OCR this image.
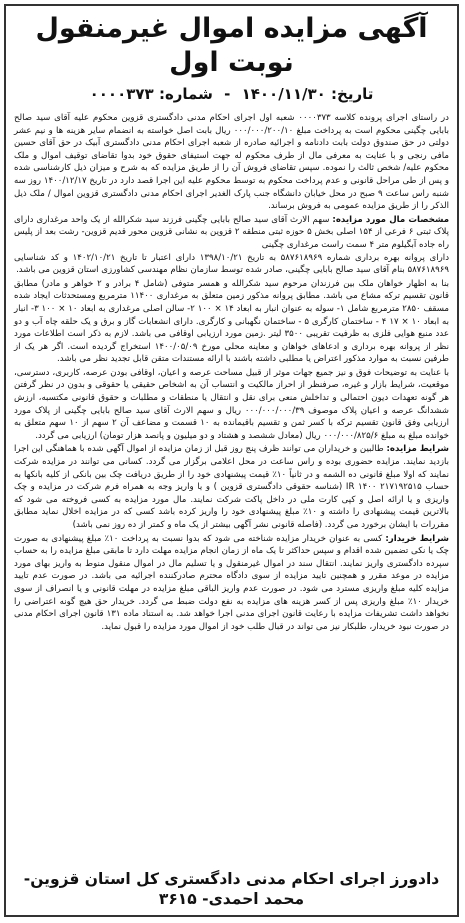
آگهی مزایده اموال غیرمنقول نوبت اول
تاریخ: ۱۴۰۰/۱۱/۳۰ - شماره: ۰۰۰۰۳۷۳

در راستای اجرای پرونده کلاسه ۰۰۰۰۳۷۳ شعبه اول اجرای احکام مدنی دادگستری قزوین محکوم علیه آقای سید صالح بابایی چگینی محکوم است به پرداخت مبلغ ۰۰۰/۰۰۰/۲۰۰/۱۰ ریال بابت اصل خواسته به انضمام سایر هزینه ها و نیم عشر دولتی در حق صندوق دولت بابت دادنامه و اجرائیه صادره از شعبه اجرای احکام مدنی دادگستری آبیک در حق آقای حسین مافی رنجی و با عنایت به معرفی مال از طرف محکوم له جهت استیفای حقوق خود بدوا تقاضای توقیف اموال و ملک محکوم علیه/ شخص ثالث را نموده. سپس تقاضای فروش آن را از طریق مزایده که به شرح و میزان ذیل کارشناسی شده و پس از طی مراحل قانونی و عدم پرداخت محکوم به توسط محکوم علیه این اجرا قصد دارد در تاریخ ۱۴۰۰/۱۲/۱۷ روز سه شنبه راس ساعت ۹ صبح در محل خیابان دانشگاه جنب پارک الغدیر اجرای احکام مدنی دادگستری قزوین اموال / ملک ذیل الذکر را از طریق مزایده عمومی به فروش برساند.

مشخصات مال مورد مزایده: سهم الارث آقای سید صالح بابایی چگینی فرزند سید شکرالله از یک واحد مرغداری دارای پلاک ثبتی ۶ فرعی از ۱۵۴ اصلی بخش ۵ حوزه ثبتی منطقه ۲ قزوین به نشانی قزوین محور قدیم قزوین- رشت بعد از پلیس راه جاده آبگیلوم متر ۴ سمت راست مرغداری چگینی

دارای پروانه بهره برداری شماره ۵۸۷۶۱۸۹۶۹ به تاریخ ۱۳۹۸/۱۰/۲۱ دارای اعتبار تا تاریخ ۱۴۰۲/۱۰/۲۱ و کد شناسایی ۵۸۷۶۱۸۹۶۹ بنام آقای سید صالح بابایی چگینی، صادر شده توسط سازمان نظام مهندسی کشاورزی استان قزوین می باشد.

بنا به اظهار خواهان ملک بین فرزندان مرحوم سید شکرالله و همسر متوفی (شامل ۴ برادر و ۲ خواهر و مادر) مطابق قانون تقسیم ترکه مشاع می باشد. مطابق پروانه مذکور زمین متعلق به مرغداری ۱۱۴۰۰ مترمربع ومستحدثات ایجاد شده مسقف ۲۸۵۰ مترمربع شامل ۱- سوله به عنوان انبار به ابعاد ۱۴ × ۱۰۰ ۲- سالن اصلی مرغداری به ابعاد ۱۰ × ۱۰۰ ۳- انبار به ابعاد ۱۰ × ۱۷ ۴ - ساختمان کارگری ۵ - ساختمان نگهبانی و کارگری. دارای انشعابات گاز و برق و یک حلقه چاه آب و دو عدد منبع هوایی فلزی به ظرفیت تقریبی ۳۵۰۰ لیتر .زمین مورد ارزیابی اوقافی می باشد. لازم به ذکر است اطلاعات مورد نظر از پروانه بهره برداری و ادعاهای خواهان و معاینه محلی مورخ ۱۴۰۰/۰۵/۰۹ استخراج گردیده است. اگر هر یک از طرفین نسبت به موارد مذکور اعتراض یا مطلبی داشته باشند با ارائه مستندات متقن قابل تجدید نظر می باشد.

با عنایت به توضیحات فوق و نیز جمیع جهات موثر از قبیل مساحت عرصه و اعیان، اوقافی بودن عرصه، کاربری، دسترسی، موقعیت، شرایط بازار و غیره، صرفنظر از احراز مالکیت و انتساب آن به اشخاص حقیقی یا حقوقی و بدون در نظر گرفتن هر گونه تعهدات دیون احتمالی و تداخلش منعی برای نقل و انتقال یا منطقات و مطلبات و حقوق قانونی مکتسبه، ارزش ششدانگ عرصه و اعیان پلاک موصوف ۰۰۰/۰۰۰/۰۰۰/۳۹ ریال و سهم الارث آقای سید صالح بابایی چگینی از پلاک مورد ارزیابی وفق قانون تقسیم ترکه با کسر ثمن و تقسیم باقیمانده به ۱۰ قسمت و مضاعف آن ۲ سهم از ۱۰ سهم متعلق به خوانده مبلغ به مبلغ ۰۰۰/۰۰۰/۸۲۵/۶ ریال (معادل ششصد و هشتاد و دو میلیون و پانصد هزار تومان) ارزیابی می گردد.

شرایط مزایده: طالبین و خریداران می توانند ظرف پنج روز قبل از زمان مزایده از اموال آگهی شده با هماهنگی این اجرا بازدید نمایند. مزایده حضوری بوده و راس ساعت در محل اعلامی برگزار می گردد. کسانی می توانند در مزایده شرکت نمایند که اولا مبلغ قانونی ده الشمه و در ثانیاً ۱۰٪ قیمت پیشنهادی خود را از طریق دریافت چک بین بانکی از کلیه بانکها به حساب ۲۱۷۱۹۲۵۱۵ IR ۱۴۰۰ (شناسه حقوقی دادگستری قزوین ) و یا واریز وجه به همراه فرم شرکت در مزایده و چک واریزی و یا ارائه اصل و کپی کارت ملی در داخل پاکت شرکت نمایند. مال مورد مزایده به کسی فروخته می شود که بالاترین قیمت پیشنهادی را داشته و ۱۰٪ مبلغ پیشنهادی خود را واریز کرده باشد کسی که در مزایده اخلال نماید مطابق مقررات با ایشان برخورد می گردد. (فاصله قانونی نشر آگهی بیشتر از یک ماه و کمتر از ده روز نمی باشد)

شرایط خریدار: کسی به عنوان خریدار مزایده شناخته می شود که بدوا نسبت به پرداخت ۱۰٪ مبلغ پیشنهادی به صورت چک یا نکی تضمین شده اقدام و سپس حداکثر تا یک ماه از زمان انجام مزایده مهلت دارد تا مابقی مبلغ مزایده را به حساب سپرده دادگستری واریز نمایند. انتقال سند در اموال غیرمنقول و یا تسلیم مال در اموال منقول منوط به واریز بهای مورد مزایده در موعد مقرر و همچنین تایید مزایده از سوی دادگاه محترم صادرکننده اجرائیه می باشد. در صورت عدم تایید مزایده کلیه مبلغ واریزی مسترد می شود. در صورت عدم واریز الباقی مبلغ مزایده در مهلت قانونی و یا انصراف از سوی خریدار ۱۰٪ مبلغ واریزی پس از کسر هزینه های مزایده به نفع دولت ضبط می گردد. خریدار حق هیچ گونه اعتراضی را نخواهد داشت تشریفات مزایده با رعایت قانون اجرای مدنی اجرا خواهد شد. به استناد ماده ۱۳۱ قانون اجرای احکام مدنی در صورت نبود خریدار، طلبکار نیز می تواند در قبال طلب خود از اموال مورد مزایده را قبول نماید.

دادورز اجرای احکام مدنی دادگستری کل استان قزوین- محمد احمدی- ۳۶۱۵
